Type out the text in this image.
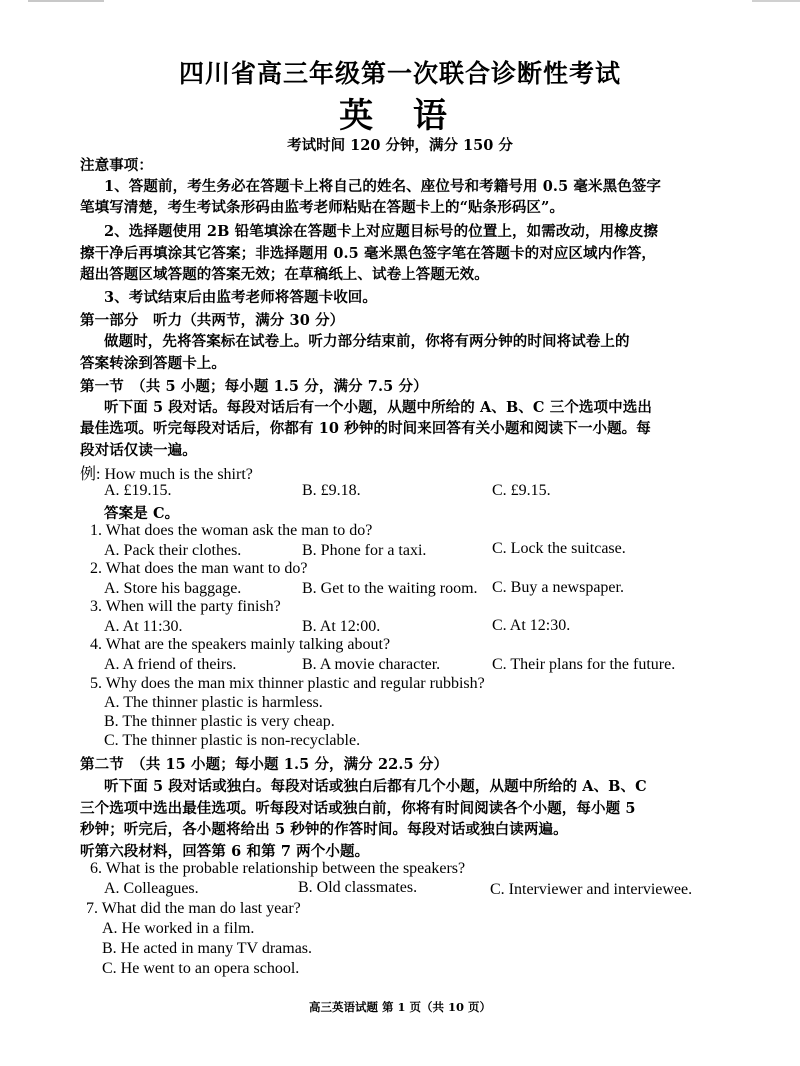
四川省高三年级第一次联合诊断性考试
英 语
考试时间 120 分钟，满分 150 分
注意事项：
1、答题前，考生务必在答题卡上将自己的姓名、座位号和考籍号用 0.5 毫米黑色签字
笔填写清楚，考生考试条形码由监考老师粘贴在答题卡上的“贴条形码区”。
2、选择题使用 2B 铅笔填涂在答题卡上对应题目标号的位置上，如需改动，用橡皮擦
擦干净后再填涂其它答案；非选择题用 0.5 毫米黑色签字笔在答题卡的对应区域内作答，
超出答题区域答题的答案无效；在草稿纸上、试卷上答题无效。
3、考试结束后由监考老师将答题卡收回。
第一部分　听力（共两节，满分 30 分）
做题时，先将答案标在试卷上。听力部分结束前，你将有两分钟的时间将试卷上的
答案转涂到答题卡上。
第一节　（共 5 小题；每小题 1.5 分，满分 7.5 分）
听下面 5 段对话。每段对话后有一个小题，从题中所给的 A、B、C 三个选项中选出
最佳选项。听完每段对话后，你都有 10 秒钟的时间来回答有关小题和阅读下一小题。每
段对话仅读一遍。
例: How much is the shirt?
A. £19.15.	B. £9.18.	C. £9.15.
答案是 C。
1. What does the woman ask the man to do?
A. Pack their clothes.	B. Phone for a taxi.	C. Lock the suitcase.
2. What does the man want to do?
A. Store his baggage.	B. Get to the waiting room. C. Buy a newspaper.
3. When will the party finish?
A. At 11:30.	B. At 12:00.	C. At 12:30.
4. What are the speakers mainly talking about?
A. A friend of theirs.	B. A movie character.	C. Their plans for the future.
5. Why does the man mix thinner plastic and regular rubbish?
A. The thinner plastic is harmless.
B. The thinner plastic is very cheap.
C. The thinner plastic is non-recyclable.
第二节　（共 15 小题；每小题 1.5 分，满分 22.5 分）
听下面 5 段对话或独白。每段对话或独白后都有几个小题，从题中所给的 A、B、C
三个选项中选出最佳选项。听每段对话或独白前，你将有时间阅读各个小题，每小题 5
秒钟；听完后，各小题将给出 5 秒钟的作答时间。每段对话或独白读两遍。
听第六段材料，回答第 6 和第 7 两个小题。
6. What is the probable relationship between the speakers?
A. Colleagues.	B. Old classmates.	C. Interviewer and interviewee.
7. What did the man do last year?
A. He worked in a film.
B. He acted in many TV dramas.
C. He went to an opera school.
高三英语试题 第 1 页（共 10 页）
